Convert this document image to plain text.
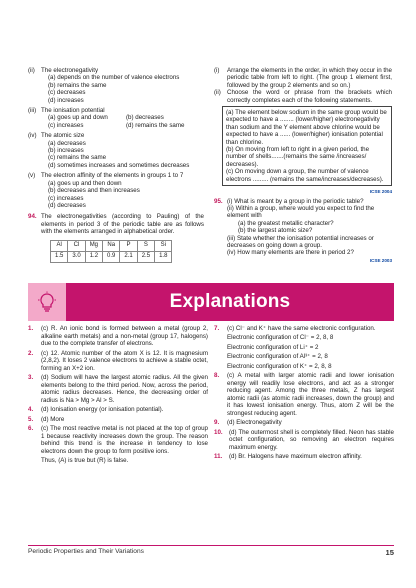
(ii) The electronegativity
(a) depends on the number of valence electrons
(b) remains the same
(c) decreases
(d) increases
(iii) The ionisation potential
(a) goes up and down	(b) decreases
(c) increases	(d) remains the same
(iv) The atomic size
(a) decreases
(b) increases
(c) remains the same
(d) sometimes increases and sometimes decreases
(v) The electron affinity of the elements in groups 1 to 7
(a) goes up and then down
(b) decreases and then increases
(c) increases
(d) decreases
94. The electronegativities (according to Pauling) of the elements in period 3 of the periodic table are as follows with the elements arranged in alphabetical order.
Al	Cl	Mg	Na	P	S	Si
1.5	3.0	1.2	0.9	2.1	2.5	1.8
(i)	Arrange the elements in the order, in which they occur in the periodic table from left to right. (The group 1 element first, followed by the group 2 elements and so on.)
(ii) Choose the word or phrase from the brackets which correctly completes each of the following statements.
(a) The element below sodium in the same group would be expected to have a ........ (lower/higher) electronegativity than sodium and the Y element above chlorine would be expected to have a ...... (lower/higher) ionisation potential than chlorine.
(b) On moving from left to right in a given period, the number of shells.......(remains the same /increases/ decreases).
(c) On moving down a group, the number of valence electrons ......... (remains the same/increases/decreases).
ICSE 2004
95. (i) What is meant by a group in the periodic table?
(ii) Within a group, where would you expect to find the element with
(a) the greatest metallic character?
(b) the largest atomic size?
(iii) State whether the ionisation potential increases or decreases on going down a group.
(iv) How many elements are there in period 2?
ICSE 2003
Explanations
1.	(c) R. An ionic bond is formed between a metal (group 2, alkaline earth metals) and a non-metal (group 17, halogens) due to the complete transfer of electrons.

2.	(c) 12. Atomic number of the atom X is 12. It is magnesium (2,8,2). It loses 2 valence electrons to achieve a stable octet, forming an X+2 ion.

3.	(d) Sodium will have the largest atomic radius. All the given elements belong to the third period. Now, across the period, atomic radius decreases. Hence, the decreasing order of radius is Na > Mg > Al > S.

4.	(d) Ionisation energy (or ionisation potential).

5.	(d) More

6.	(c) The most reactive metal is not placed at the top of group 1 because reactivity increases down the group. The reason behind this trend is the increase in tendency to lose electrons down the group to form positive ions.

Thus, (A) is true but (R) is false.

7.	(c) Cl⁻ and K⁺ have the same electronic configuration.

Electronic configuration of Cl⁻ = 2, 8, 8
Electronic configuration of Li⁺ = 2
Electronic configuration of Al³⁺ = 2, 8
Electronic configuration of K⁺ = 2, 8, 8
8.	(c) A metal with larger atomic radii and lower ionisation energy will readily lose electrons, and act as a stronger reducing agent. Among the three metals, Z has largest atomic radii (as atomic radii increases, down the group) and it has lowest ionisation energy. Thus, atom Z will be the strongest reducing agent.

9.	(d) Electronegativity

10.	(d) The outermost shell is completely filled. Neon has stable octet configuration, so removing an electron requires maximum energy.

11.	(d) Br. Halogens have maximum electron affinity.

Periodic Properties and Their Variations	15
